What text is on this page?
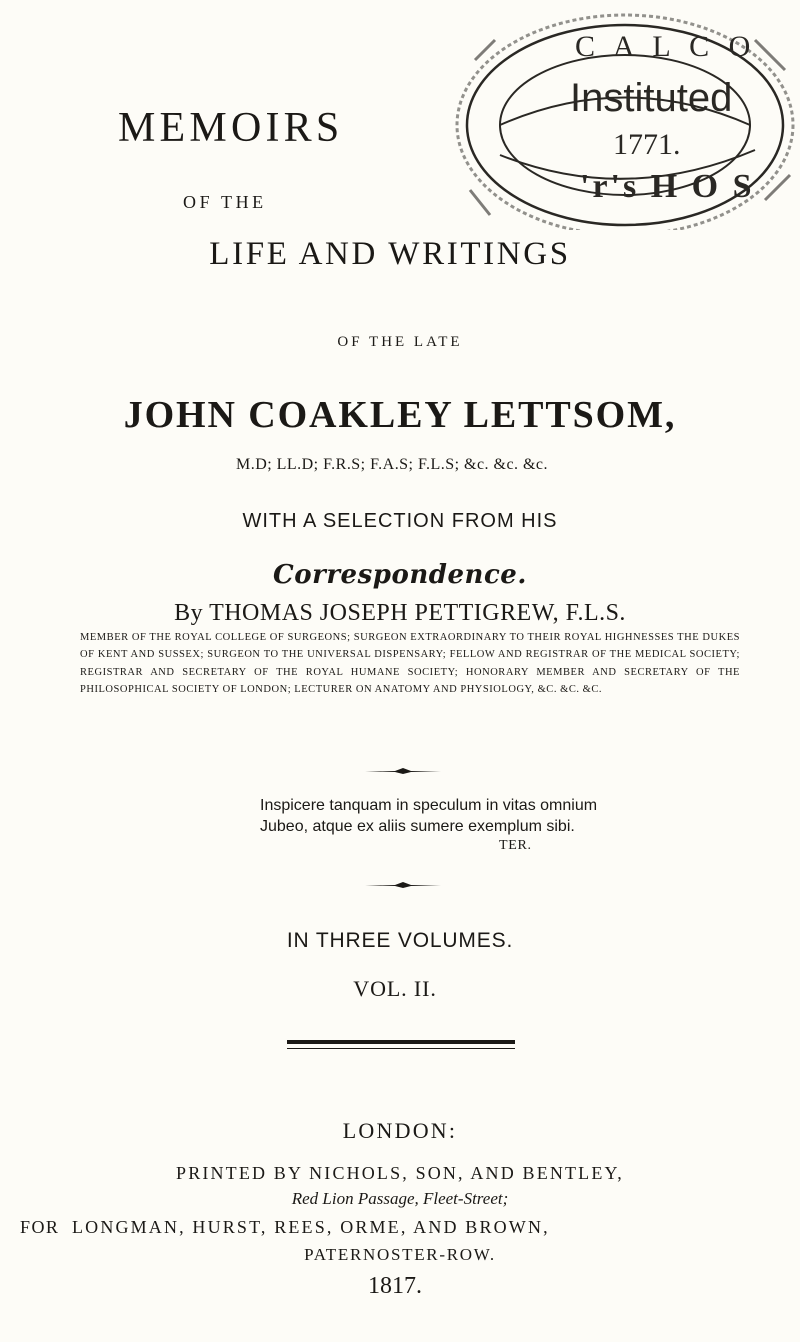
C A L C O
Instituted
1771.
'r's H O S
MEMOIRS
OF THE
LIFE AND WRITINGS
OF THE LATE
JOHN COAKLEY LETTSOM,
M.D; LL.D; F.R.S; F.A.S; F.L.S; &c. &c. &c.
WITH A SELECTION FROM HIS
Correspondence.
By THOMAS JOSEPH PETTIGREW, F.L.S.
MEMBER OF THE ROYAL COLLEGE OF SURGEONS; SURGEON EXTRAORDINARY TO THEIR ROYAL HIGHNESSES THE DUKES OF KENT AND SUSSEX; SURGEON TO THE UNIVERSAL DISPENSARY; FELLOW AND REGISTRAR OF THE MEDICAL SOCIETY; REGISTRAR AND SECRETARY OF THE ROYAL HUMANE SOCIETY; HONORARY MEMBER AND SECRETARY OF THE PHILOSOPHICAL SOCIETY OF LONDON; LECTURER ON ANATOMY AND PHYSIOLOGY, &C. &C. &C.
Inspicere tanquam in speculum in vitas omnium
Jubeo, atque ex aliis sumere exemplum sibi.
TER.
IN THREE VOLUMES.
VOL. II.
LONDON:
PRINTED BY NICHOLS, SON, AND BENTLEY,
Red Lion Passage, Fleet-Street;
FOR LONGMAN, HURST, REES, ORME, AND BROWN,
PATERNOSTER-ROW.
1817.
